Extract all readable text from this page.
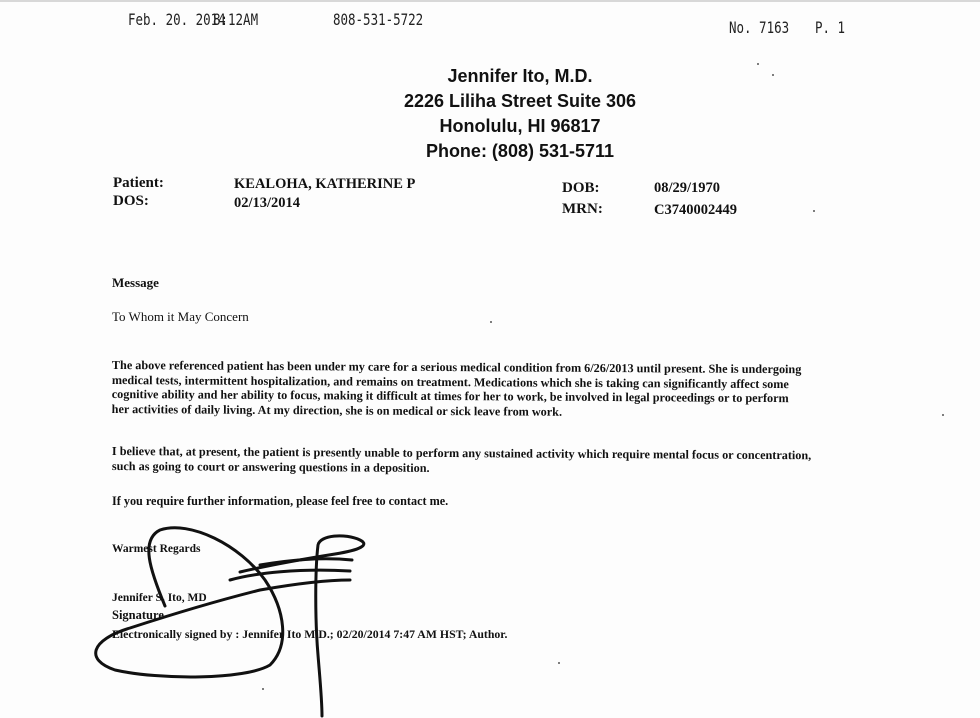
Feb. 20. 2014
8:12AM	808-531-5722	No. 7163 P. 1
Jennifer Ito, M.D.
2226 Liliha Street Suite 306
Honolulu, HI 96817
Phone: (808) 531-5711
Patient:	KEALOHA, KATHERINE P
DOS:	02/13/2014
DOB:	08/29/1970
MRN:	C3740002449
Message
To Whom it May Concern
The above referenced patient has been under my care for a serious medical condition from 6/26/2013 until present. She is undergoing
medical tests, intermittent hospitalization, and remains on treatment. Medications which she is taking can significantly affect some
cognitive ability and her ability to focus, making it difficult at times for her to work, be involved in legal proceedings or to perform
her activities of daily living. At my direction, she is on medical or sick leave from work.
I believe that, at present, the patient is presently unable to perform any sustained activity which require mental focus or concentration,
such as going to court or answering questions in a deposition.
If you require further information, please feel free to contact me.
Warmest Regards
Jennifer S. Ito, MD
Signature
Electronically signed by : Jennifer Ito M.D.; 02/20/2014 7:47 AM HST; Author.
